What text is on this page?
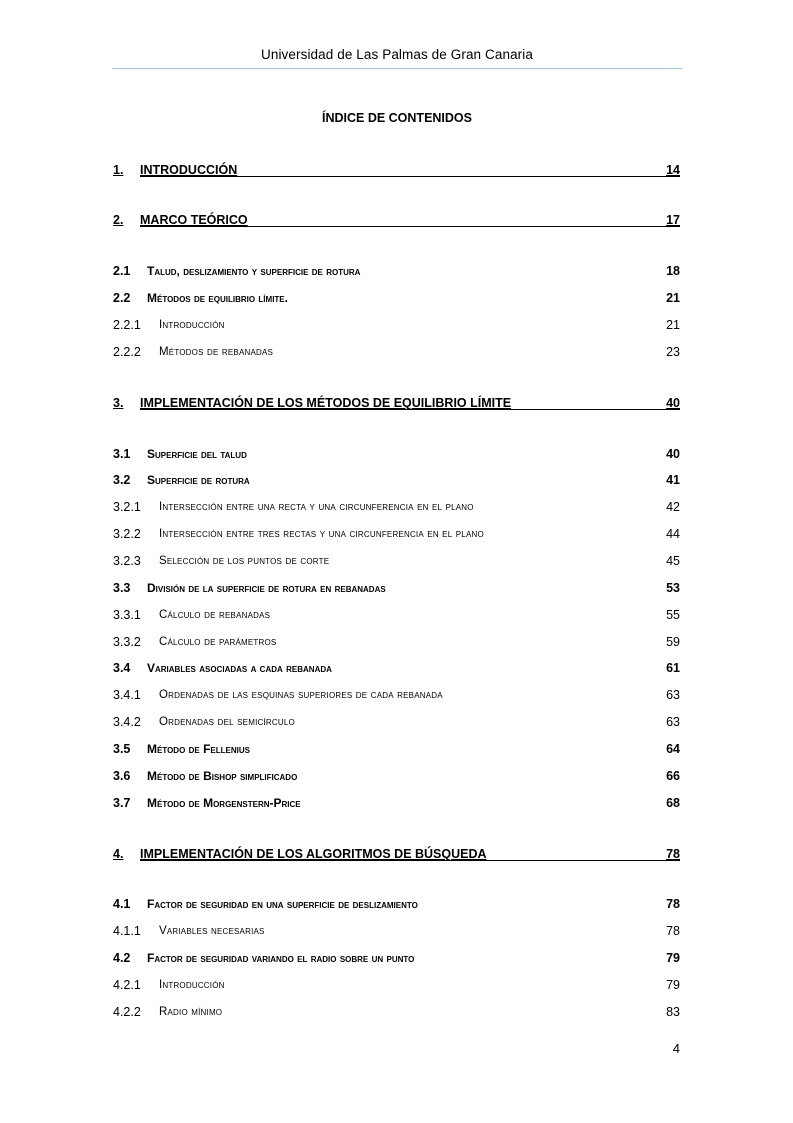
Universidad de Las Palmas de Gran Canaria
ÍNDICE DE CONTENIDOS
1. INTRODUCCIÓN	14
2. MARCO TEÓRICO	17
2.1 Talud, deslizamiento y superficie de rotura	18
2.2 Métodos de equilibrio límite.	21
2.2.1 Introducción	21
2.2.2 Métodos de rebanadas	23
3. IMPLEMENTACIÓN DE LOS MÉTODOS DE EQUILIBRIO LÍMITE	40
3.1 Superficie del talud	40
3.2 Superficie de rotura	41
3.2.1 Intersección entre una recta y una circunferencia en el plano	42
3.2.2 Intersección entre tres rectas y una circunferencia en el plano	44
3.2.3 Selección de los puntos de corte	45
3.3 División de la superficie de rotura en rebanadas	53
3.3.1 Cálculo de rebanadas	55
3.3.2 Cálculo de parámetros	59
3.4 Variables asociadas a cada rebanada	61
3.4.1 Ordenadas de las esquinas superiores de cada rebanada	63
3.4.2 Ordenadas del semicírculo	63
3.5 Método de Fellenius	64
3.6 Método de Bishop simplificado	66
3.7 Método de Morgenstern-Price	68
4. IMPLEMENTACIÓN DE LOS ALGORITMOS DE BÚSQUEDA	78
4.1 Factor de seguridad en una superficie de deslizamiento	78
4.1.1 Variables necesarias	78
4.2 Factor de seguridad variando el radio sobre un punto	79
4.2.1 Introducción	79
4.2.2 Radio mínimo	83
4
